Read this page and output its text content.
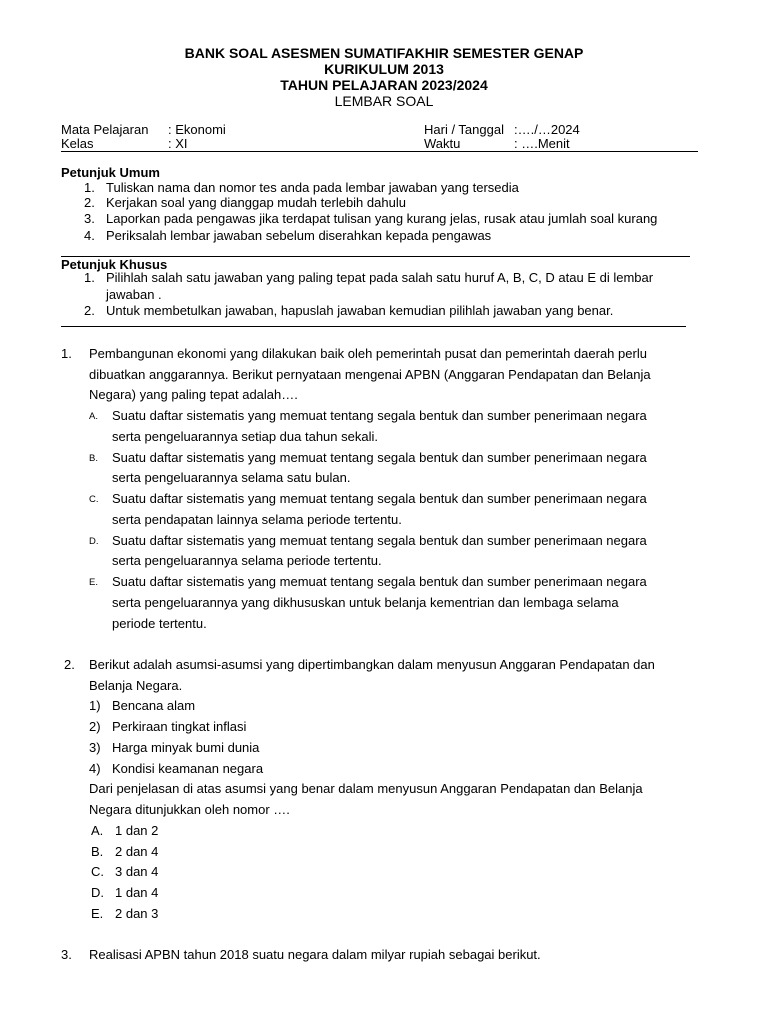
BANK SOAL ASESMEN SUMATIFAKHIR SEMESTER GENAP
KURIKULUM 2013
TAHUN PELAJARAN 2023/2024
LEMBAR SOAL
Mata Pelajaran : Ekonomi	Hari / Tanggal :…./…2024
Kelas	: XI	Waktu	: ….Menit
Petunjuk Umum
1. Tuliskan nama dan nomor tes anda pada lembar jawaban yang tersedia
2. Kerjakan soal yang dianggap mudah terlebih dahulu
3. Laporkan pada pengawas jika terdapat tulisan yang kurang jelas, rusak atau jumlah soal kurang
4. Periksalah lembar jawaban sebelum diserahkan kepada pengawas
Petunjuk Khusus
1. Pilihlah salah satu jawaban yang paling tepat pada salah satu huruf A, B, C, D atau E di lembar
jawaban .
2. Untuk membetulkan jawaban, hapuslah jawaban kemudian pilihlah jawaban yang benar.
1. Pembangunan ekonomi yang dilakukan baik oleh pemerintah pusat dan pemerintah daerah perlu
dibuatkan anggarannya. Berikut pernyataan mengenai APBN (Anggaran Pendapatan dan Belanja
Negara) yang paling tepat adalah….
A. Suatu daftar sistematis yang memuat tentang segala bentuk dan sumber penerimaan negara
serta pengeluarannya setiap dua tahun sekali.
B. Suatu daftar sistematis yang memuat tentang segala bentuk dan sumber penerimaan negara
serta pengeluarannya selama satu bulan.
C. Suatu daftar sistematis yang memuat tentang segala bentuk dan sumber penerimaan negara
serta pendapatan lainnya selama periode tertentu.
D. Suatu daftar sistematis yang memuat tentang segala bentuk dan sumber penerimaan negara
serta pengeluarannya selama periode tertentu.
E. Suatu daftar sistematis yang memuat tentang segala bentuk dan sumber penerimaan negara
serta pengeluarannya yang dikhususkan untuk belanja kementrian dan lembaga selama
periode tertentu.
2. Berikut adalah asumsi-asumsi yang dipertimbangkan dalam menyusun Anggaran Pendapatan dan
Belanja Negara.
1) Bencana alam
2) Perkiraan tingkat inflasi
3) Harga minyak bumi dunia
4) Kondisi keamanan negara
Dari penjelasan di atas asumsi yang benar dalam menyusun Anggaran Pendapatan dan Belanja
Negara ditunjukkan oleh nomor ….
A. 1 dan 2
B. 2 dan 4
C. 3 dan 4
D. 1 dan 4
E. 2 dan 3
3. Realisasi APBN tahun 2018 suatu negara dalam milyar rupiah sebagai berikut.
